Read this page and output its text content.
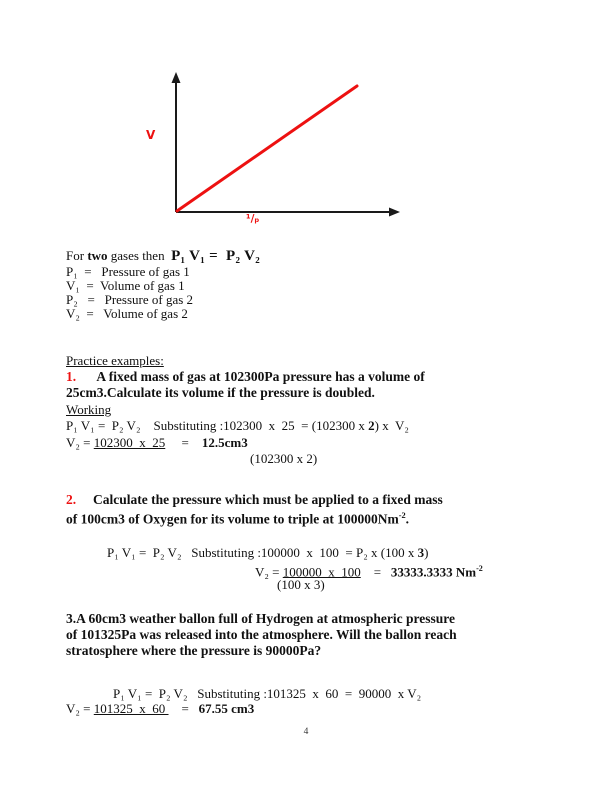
V
¹/ₚ
For two gases then  P₁ V₁ =  P₂ V₂
P₁  =   Pressure of gas 1
V₁  =  Volume of gas 1
P₂   =   Pressure of gas 2
V₂  =   Volume of gas 2
Practice examples:
1. A fixed mass of gas at 102300Pa pressure has a volume of
25cm3.Calculate its volume if the pressure is doubled.
Working
P₁ V₁ =  P₂ V₂    Substituting :102300  x  25  = (102300 x 2) x  V₂
V₂ = 102300  x  25     =    12.5cm3
(102300 x 2)
2. Calculate the pressure which must be applied to a fixed mass
of 100cm3 of Oxygen for its volume to triple at $100000Nm^{-2}$.
P₁ V₁ =  P₂ V₂   Substituting :100000  x  100  = P₂ x (100 x 3)
V₂ = 100000  x  100    =   33333.3333 $Nm^{-2}$
(100 x 3)
3.A 60cm3 weather ballon full of Hydrogen at atmospheric pressure
of 101325Pa was released into the atmosphere. Will the ballon reach
stratosphere where the pressure is 90000Pa?
P₁ V₁ =  P₂ V₂   Substituting :101325  x  60  =  90000  x V₂
V₂ = 101325  x  60     =   67.55 cm3
4
